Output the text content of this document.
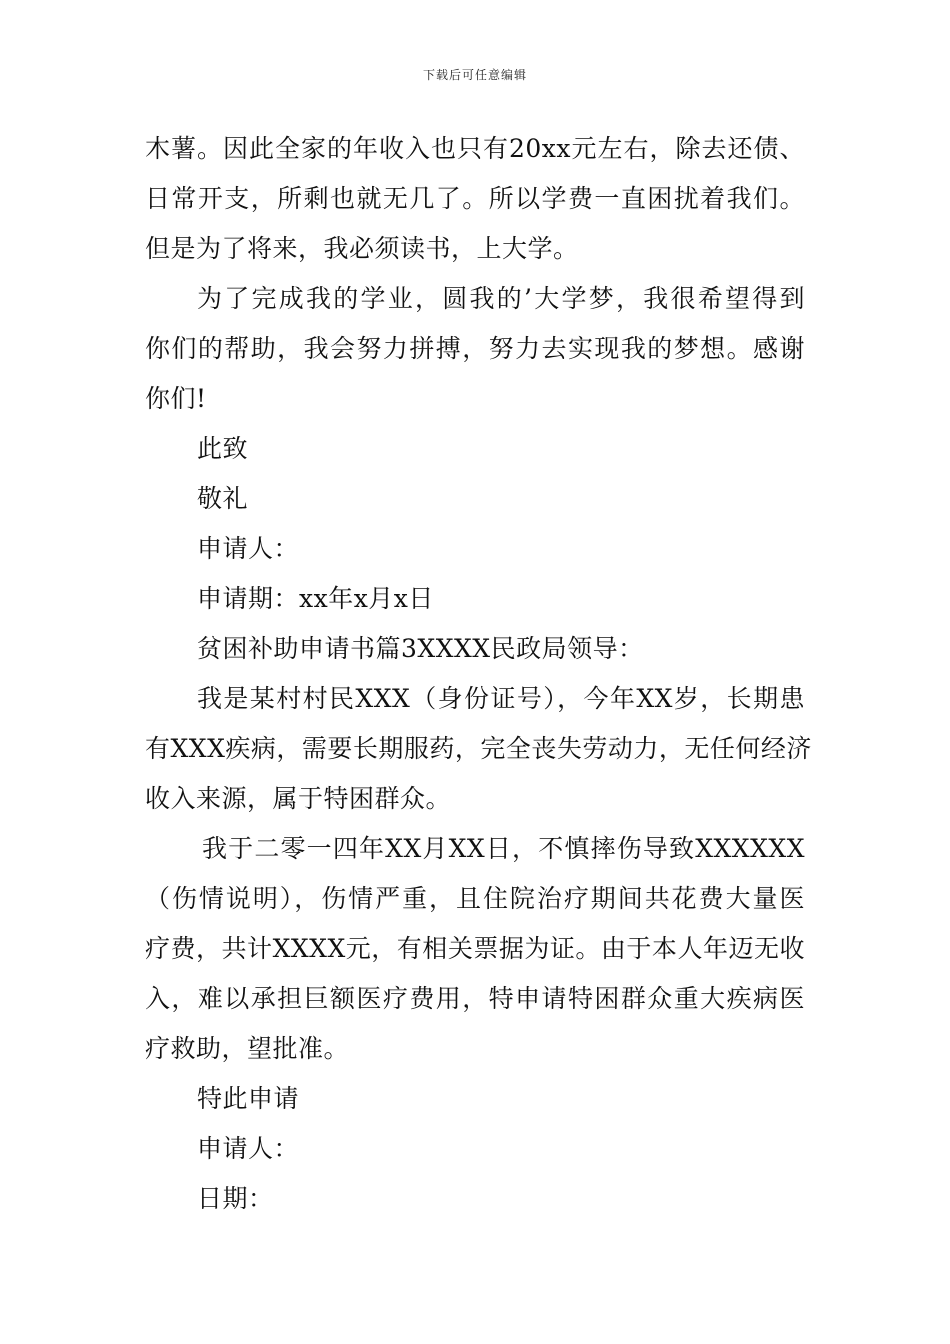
下载后可任意编辑
木薯。因此全家的年收入也只有20xx元左右，除去还债、
日常开支，所剩也就无几了。所以学费一直困扰着我们。
但是为了将来，我必须读书，上大学。
为了完成我的学业，圆我的’大学梦，我很希望得到
你们的帮助，我会努力拼搏，努力去实现我的梦想。感谢
你们!
此致
敬礼
申请人：
申请期：xx年x月x日
贫困补助申请书篇3XXXX民政局领导：
我是某村村民XXX（身份证号），今年XX岁，长期患
有XXX疾病，需要长期服药，完全丧失劳动力，无任何经济
收入来源，属于特困群众。
我于二零一四年XX月XX日，不慎摔伤导致XXXXXX
（伤情说明），伤情严重，且住院治疗期间共花费大量医
疗费，共计XXXX元，有相关票据为证。由于本人年迈无收
入，难以承担巨额医疗费用，特申请特困群众重大疾病医
疗救助，望批准。
特此申请
申请人：
日期：
